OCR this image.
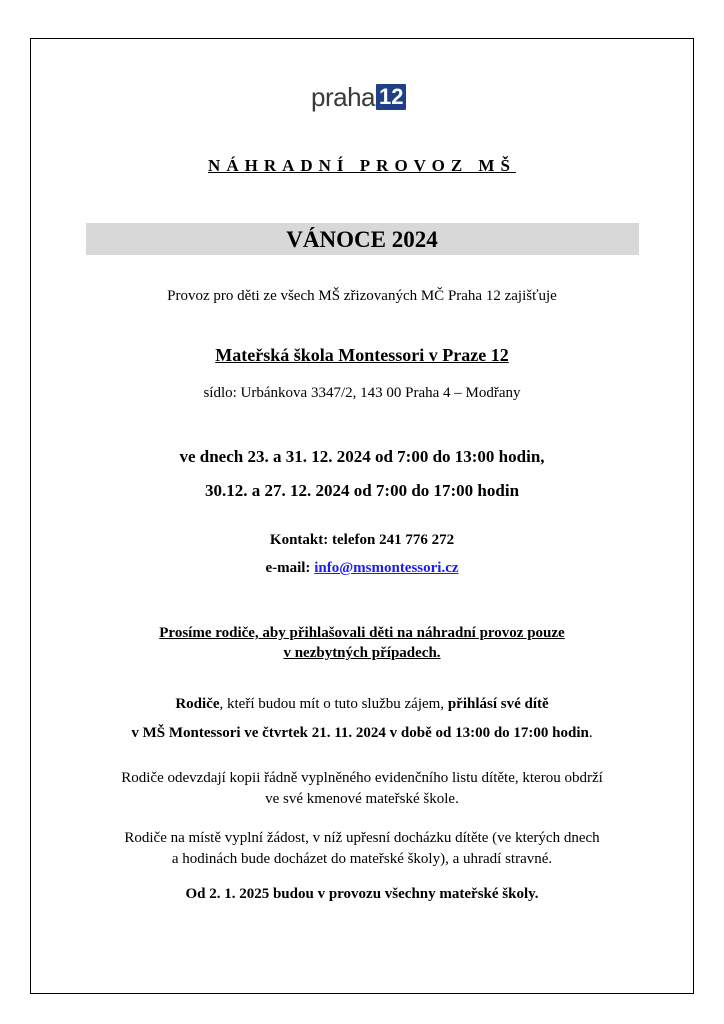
praha 12
NÁHRADNÍ PROVOZ MŠ
VÁNOCE 2024
Provoz pro děti ze všech MŠ zřizovaných MČ Praha 12 zajišťuje
Mateřská škola Montessori v Praze 12
sídlo: Urbánkova 3347/2, 143 00 Praha 4 – Modřany
ve dnech 23. a 31. 12. 2024 od 7:00 do 13:00 hodin,
30.12. a 27. 12. 2024 od 7:00 do 17:00 hodin
Kontakt: telefon 241 776 272
e-mail: info@msmontessori.cz
Prosíme rodiče, aby přihlašovali děti na náhradní provoz pouze
v nezbytných případech.
Rodiče, kteří budou mít o tuto službu zájem, přihlásí své dítě
v MŠ Montessori ve čtvrtek 21. 11. 2024 v době od 13:00 do 17:00 hodin.
Rodiče odevzdají kopii řádně vyplněného evidenčního listu dítěte, kterou obdrží
ve své kmenové mateřské škole.
Rodiče na místě vyplní žádost, v níž upřesní docházku dítěte (ve kterých dnech
a hodinách bude docházet do mateřské školy), a uhradí stravné.
Od 2. 1. 2025 budou v provozu všechny mateřské školy.
